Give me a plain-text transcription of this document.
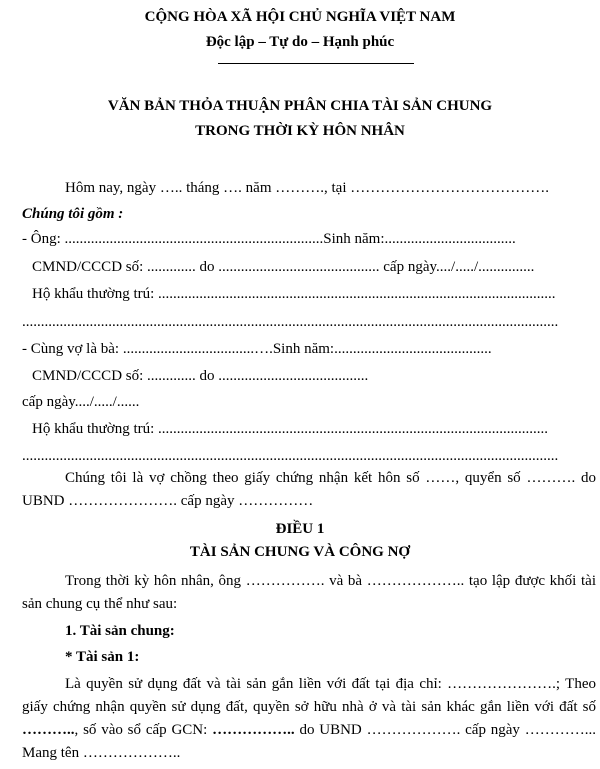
CỘNG HÒA XÃ HỘI CHỦ NGHĨA VIỆT NAM
Độc lập – Tự do – Hạnh phúc
VĂN BẢN THỎA THUẬN PHÂN CHIA TÀI SẢN CHUNG
TRONG THỜI KỲ HÔN NHÂN
Hôm nay, ngày ….. tháng …. năm ………., tại ………………………………….
Chúng tôi gồm :
- Ông: .....................................................................Sinh năm:...................................
CMND/CCCD số: ............. do ........................................... cấp ngày..../...../...............
Hộ khẩu thường trú: ..........................................................................................................
...............................................................................................................................................
- Cùng vợ là bà: ...................................….Sinh năm:..........................................
CMND/CCCD số: ............. do ........................................
cấp ngày..../...../......
Hộ khẩu thường trú: ........................................................................................................
...............................................................................................................................................
Chúng tôi là vợ chồng theo giấy chứng nhận kết hôn số ……, quyển số ………. do UBND …………………. cấp ngày ……………
ĐIỀU 1
TÀI SẢN CHUNG VÀ CÔNG NỢ
Trong thời kỳ hôn nhân, ông ……………. và bà ……………….. tạo lập được khối tài sản chung cụ thể như sau:
1. Tài sản chung:
* Tài sản 1:
Là quyền sử dụng đất và tài sản gắn liền với đất tại địa chỉ: ………………….; Theo giấy chứng nhận quyền sử dụng đất, quyền sở hữu nhà ở và tài sản khác gắn liền với đất số ……….., số vào sổ cấp GCN: …………….. do UBND ………………. cấp ngày …………... Mang tên ………………..
